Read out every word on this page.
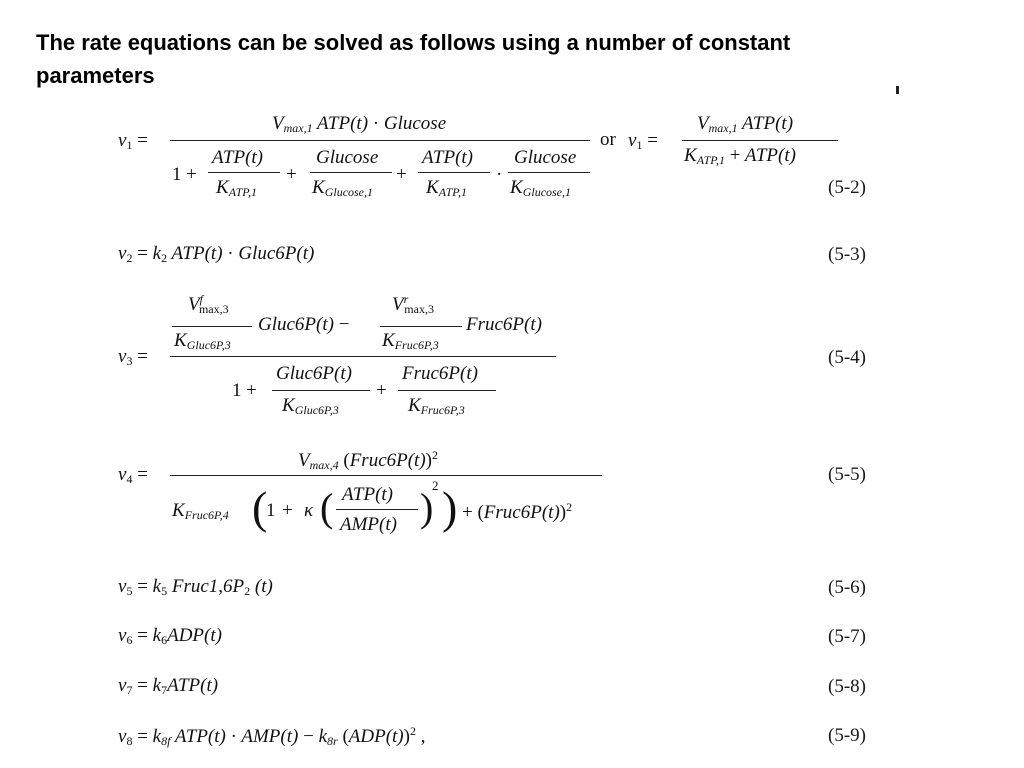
The rate equations can be solved as follows using a number of constant
parameters
$v_1$ =
$V_{max,1}$ ATP(t) · Glucose
1 +
ATP(t)
$K_{ATP,1}$
+
Glucose
$K_{Glucose,1}$
+
ATP(t)
$K_{ATP,1}$
·
Glucose
$K_{Glucose,1}$
or $v_1$ =
$V_{max,1}$ ATP(t)
$K_{ATP,1} + ATP(t)$
(5-2)
$v_2 = k_2$ ATP(t) · Gluc6P(t)	(5-3)
$v_3$ =
$V^f_{max,3}$
$K_{Gluc6P,3}$
Gluc6P(t) −
$V^r_{max,3}$
$K_{Fruc6P,3}$
Fruc6P(t)
1 +
Gluc6P(t)
$K_{Gluc6P,3}$
+
Fruc6P(t)
$K_{Fruc6P,3}$
(5-4)
$v_4$ =
$V_{max,4}$ (Fruc6P(t))$^2$
$K_{Fruc6P,4}$ (
1 + κ ( ATP(t)
AMP(t) )
2 ) + (Fruc6P(t))$^2$
(5-5)
$v_5 = k_5$ $Fruc1,6P_2$ (t)	(5-6)
$v_6 = k_6ADP(t)$	(5-7)
$v_7 = k_7ATP(t)$	(5-8)
$v_8 = k_{8f}$ $ATP(t) \cdot AMP(t) - k_{8r}$ $(ADP(t))^2$ ,	(5-9)
